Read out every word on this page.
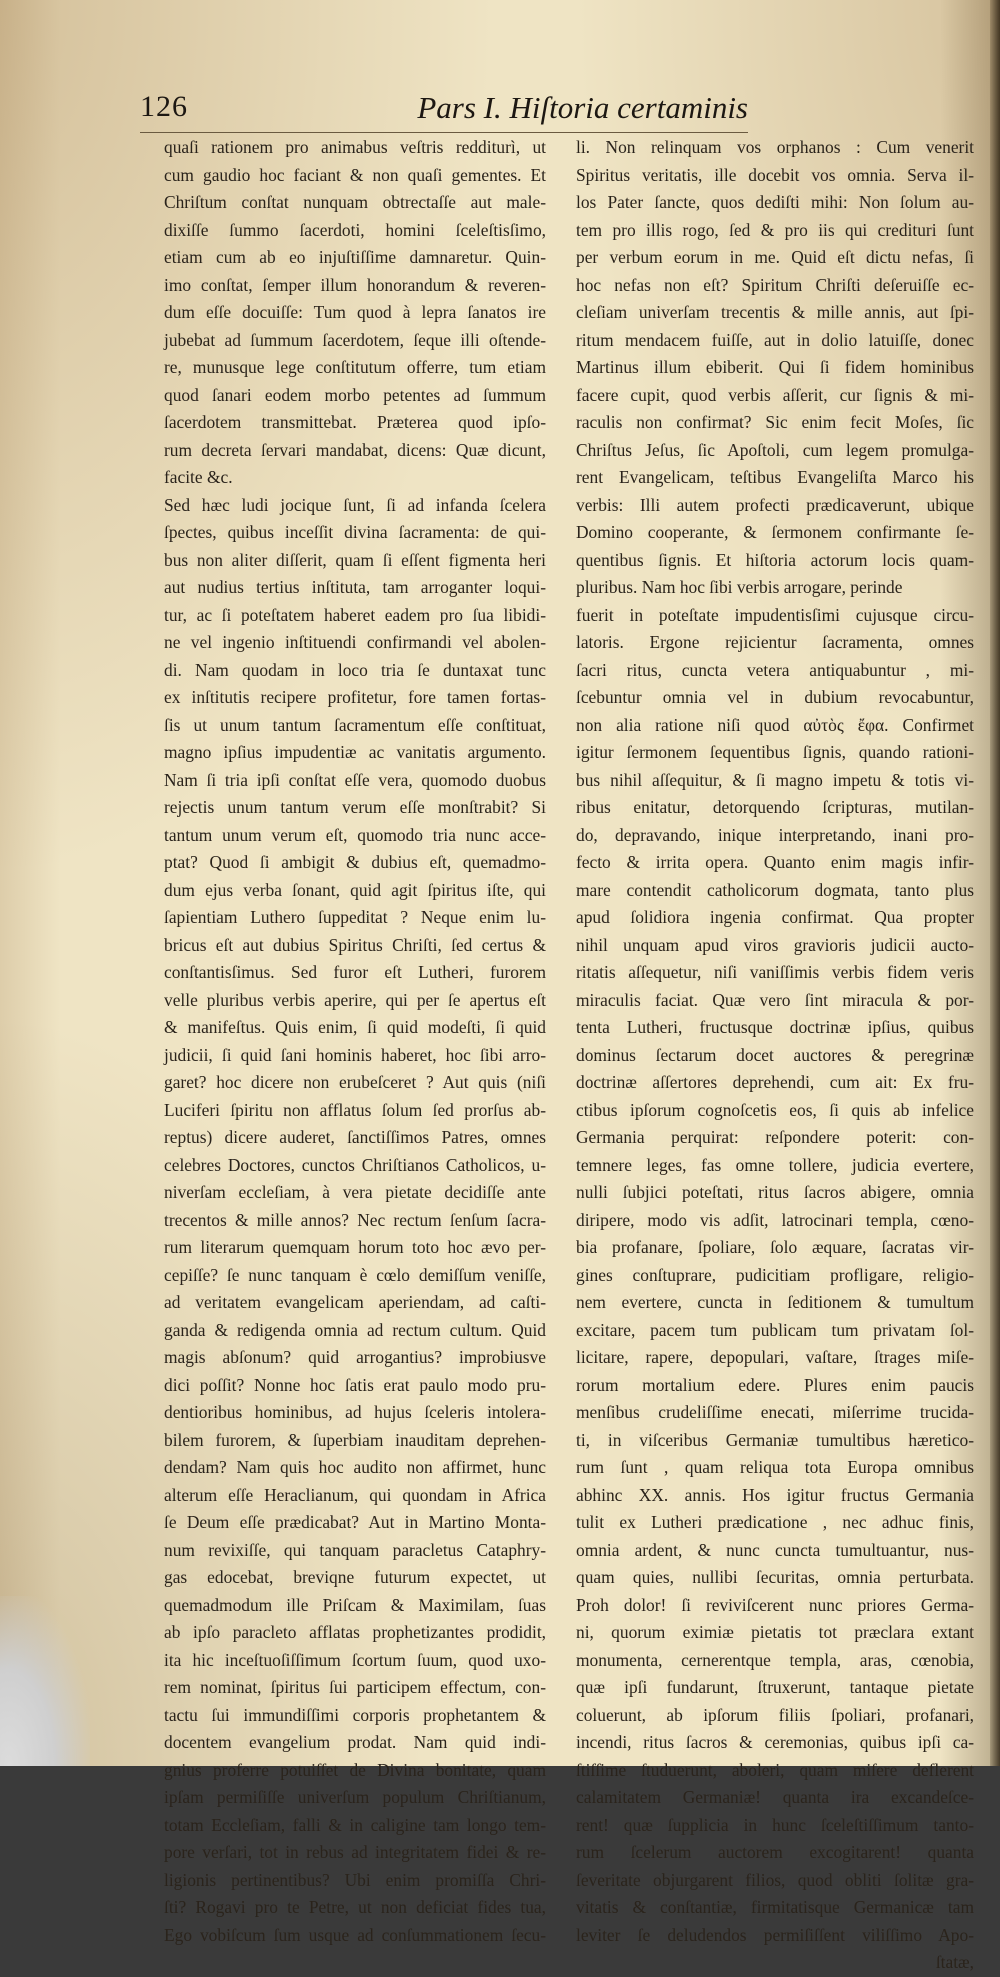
126	Pars I. Hiſtoria certaminis
quaſi rationem pro animabus veſtris redditurì, ut
cum gaudio hoc faciant & non quaſi gementes. Et
Chriſtum conſtat nunquam obtrectaſſe aut male-
dixiſſe ſummo ſacerdoti, homini ſceleſtisſimo,
etiam cum ab eo injuſtiſſime damnaretur. Quin-
imo conſtat, ſemper illum honorandum & reveren-
dum eſſe docuiſſe: Tum quod à lepra ſanatos ire
jubebat ad ſummum ſacerdotem, ſeque illi oſtende-
re, munusque lege conſtitutum offerre, tum etiam
quod ſanari eodem morbo petentes ad ſummum
ſacerdotem transmittebat. Præterea quod ipſo-
rum decreta ſervari mandabat, dicens: Quæ dicunt,
facite &c.
Sed hæc ludi jocique ſunt, ſi ad infanda ſcelera
ſpectes, quibus inceſſit divina ſacramenta: de qui-
bus non aliter diſſerit, quam ſi eſſent figmenta heri
aut nudius tertius inſtituta, tam arroganter loqui-
tur, ac ſi poteſtatem haberet eadem pro ſua libidi-
ne vel ingenio inſtituendi confirmandi vel abolen-
di. Nam quodam in loco tria ſe duntaxat tunc
ex inſtitutis recipere profitetur, fore tamen fortas-
ſis ut unum tantum ſacramentum eſſe conſtituat,
magno ipſius impudentiæ ac vanitatis argumento.
Nam ſi tria ipſi conſtat eſſe vera, quomodo duobus
rejectis unum tantum verum eſſe monſtrabit? Si
tantum unum verum eſt, quomodo tria nunc acce-
ptat? Quod ſi ambigit & dubius eſt, quemadmo-
dum ejus verba ſonant, quid agit ſpiritus iſte, qui
ſapientiam Luthero ſuppeditat ? Neque enim lu-
bricus eſt aut dubius Spiritus Chriſti, ſed certus &
conſtantisſimus. Sed furor eſt Lutheri, furorem
velle pluribus verbis aperire, qui per ſe apertus eſt
& manifeſtus. Quis enim, ſi quid modeſti, ſi quid
judicii, ſi quid ſani hominis haberet, hoc ſibi arro-
garet? hoc dicere non erubeſceret ? Aut quis (niſi
Luciferi ſpiritu non afflatus ſolum ſed prorſus ab-
reptus) dicere auderet, ſanctiſſimos Patres, omnes
celebres Doctores, cunctos Chriſtianos Catholicos, u-
niverſam eccleſiam, à vera pietate decidiſſe ante
trecentos & mille annos? Nec rectum ſenſum ſacra-
rum literarum quemquam horum toto hoc ævo per-
cepiſſe? ſe nunc tanquam è cœlo demiſſum veniſſe,
ad veritatem evangelicam aperiendam, ad caſti-
ganda & redigenda omnia ad rectum cultum. Quid
magis abſonum? quid arrogantius? improbiusve
dici poſſit? Nonne hoc ſatis erat paulo modo pru-
dentioribus hominibus, ad hujus ſceleris intolera-
bilem furorem, & ſuperbiam inauditam deprehen-
dendam? Nam quis hoc audito non affirmet, hunc
alterum eſſe Heraclianum, qui quondam in Africa
ſe Deum eſſe prædicabat? Aut in Martino Monta-
num revixiſſe, qui tanquam paracletus Cataphry-
gas edocebat, breviqne futurum expectet, ut
quemadmodum ille Priſcam & Maximilam, ſuas
ab ipſo paracleto afflatas prophetizantes prodidit,
ita hic inceſtuoſiſſimum ſcortum ſuum, quod uxo-
rem nominat, ſpiritus ſui participem effectum, con-
tactu ſui immundiſſimi corporis prophetantem &
docentem evangelium prodat. Nam quid indi-
gnius proferre potuiſſet de Divina bonitate, quam
ipſam permiſiſſe univerſum populum Chriſtianum,
totam Eccleſiam, falli & in caligine tam longo tem-
pore verſari, tot in rebus ad integritatem fidei & re-
ligionis pertinentibus? Ubi enim promiſſa Chri-
ſti? Rogavi pro te Petre, ut non deficiat fides tua,
Ego vobiſcum ſum usque ad conſummationem ſecu-
li. Non relinquam vos orphanos : Cum venerit
Spiritus veritatis, ille docebit vos omnia. Serva il-
los Pater ſancte, quos dediſti mihi: Non ſolum au-
tem pro illis rogo, ſed & pro iis qui credituri ſunt
per verbum eorum in me. Quid eſt dictu nefas, ſi
hoc nefas non eſt? Spiritum Chriſti deſeruiſſe ec-
cleſiam univerſam trecentis & mille annis, aut ſpi-
ritum mendacem fuiſſe, aut in dolio latuiſſe, donec
Martinus illum ebiberit. Qui ſi fidem hominibus
facere cupit, quod verbis aſſerit, cur ſignis & mi-
raculis non confirmat? Sic enim fecit Moſes, ſic
Chriſtus Jeſus, ſic Apoſtoli, cum legem promulga-
rent Evangelicam, teſtibus Evangeliſta Marco his
verbis: Illi autem profecti prædicaverunt, ubique
Domino cooperante, & ſermonem confirmante ſe-
quentibus ſignis. Et hiſtoria actorum locis quam-
pluribus. Nam hoc ſibi verbis arrogare, perinde
fuerit in poteſtate impudentisſimi cujusque circu-
latoris. Ergone rejicientur ſacramenta, omnes
ſacri ritus, cuncta vetera antiquabuntur , mi-
ſcebuntur omnia vel in dubium revocabuntur,
non alia ratione niſi quod αὐτὸς ἔφα. Confirmet
igitur ſermonem ſequentibus ſignis, quando rationi-
bus nihil aſſequitur, & ſi magno impetu & totis vi-
ribus enitatur, detorquendo ſcripturas, mutilan-
do, depravando, inique interpretando, inani pro-
fecto & irrita opera. Quanto enim magis infir-
mare contendit catholicorum dogmata, tanto plus
apud ſolidiora ingenia confirmat. Qua propter
nihil unquam apud viros gravioris judicii aucto-
ritatis aſſequetur, niſi vaniſſimis verbis fidem veris
miraculis faciat. Quæ vero ſint miracula & por-
tenta Lutheri, fructusque doctrinæ ipſius, quibus
dominus ſectarum docet auctores & peregrinæ
doctrinæ aſſertores deprehendi, cum ait: Ex fru-
ctibus ipſorum cognoſcetis eos, ſi quis ab infelice
Germania perquirat: reſpondere poterit: con-
temnere leges, fas omne tollere, judicia evertere,
nulli ſubjici poteſtati, ritus ſacros abigere, omnia
diripere, modo vis adſit, latrocinari templa, cœno-
bia profanare, ſpoliare, ſolo æquare, ſacratas vir-
gines conſtuprare, pudicitiam profligare, religio-
nem evertere, cuncta in ſeditionem & tumultum
excitare, pacem tum publicam tum privatam ſol-
licitare, rapere, depopulari, vaſtare, ſtrages miſe-
rorum mortalium edere. Plures enim paucis
menſibus crudeliſſime enecati, miſerrime trucida-
ti, in viſceribus Germaniæ tumultibus hæretico-
rum ſunt , quam reliqua tota Europa omnibus
abhinc XX. annis. Hos igitur fructus Germania
tulit ex Lutheri prædicatione , nec adhuc finis,
omnia ardent, & nunc cuncta tumultuantur, nus-
quam quies, nullibi ſecuritas, omnia perturbata.
Proh dolor! ſi reviviſcerent nunc priores Germa-
ni, quorum eximiæ pietatis tot præclara extant
monumenta, cernerentque templa, aras, cœnobia,
quæ ipſi fundarunt, ſtruxerunt, tantaque pietate
coluerunt, ab ipſorum filiis ſpoliari, profanari,
incendi, ritus ſacros & ceremonias, quibus ipſi ca-
ſtiſſime ſtuduerunt, aboleri, quam miſere deflerent
calamitatem Germaniæ! quanta ira excandeſce-
rent! quæ ſupplicia in hunc ſceleſtiſſimum tanto-
rum ſcelerum auctorem excogitarent! quanta
ſeveritate objurgarent filios, quod obliti ſolitæ gra-
vitatis & conſtantiæ, firmitatisque Germanicæ tam
leviter ſe deludendos permiſiſſent viliſſimo Apo-
ſtatæ,
